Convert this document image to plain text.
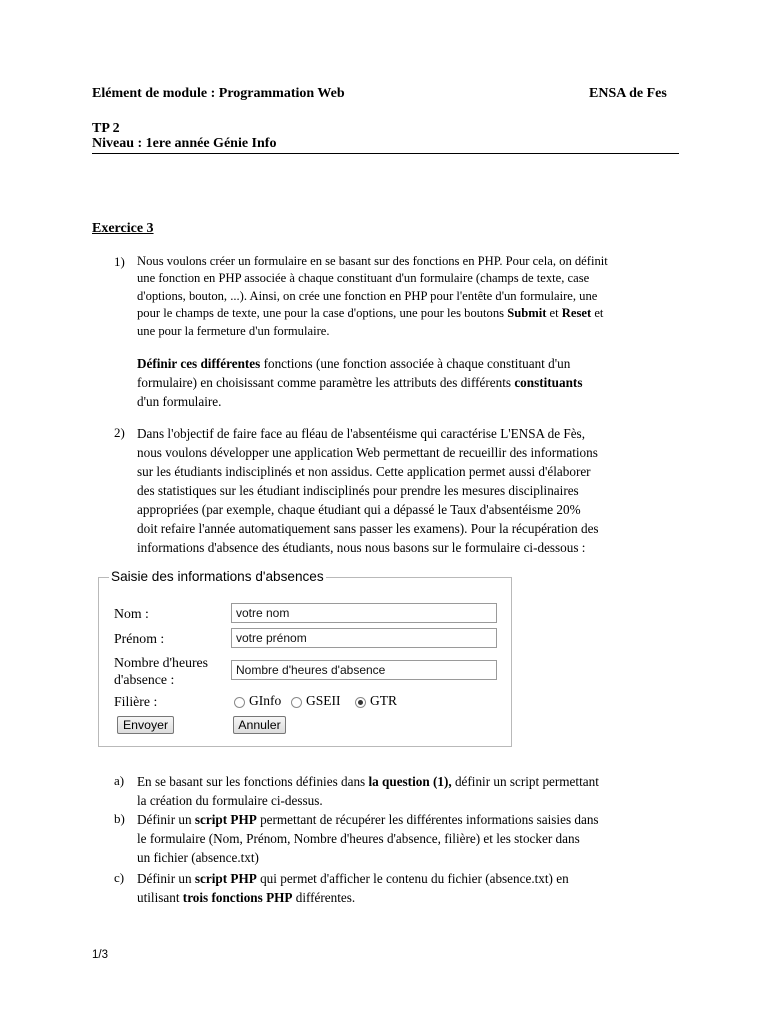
Elément de module : Programmation Web	ENSA de Fes
TP 2
Niveau : 1ere année Génie Info
Exercice 3
1) Nous voulons créer un formulaire en se basant sur des fonctions en PHP. Pour cela, on définit
une fonction en PHP associée à chaque constituant d'un formulaire (champs de texte, case
d'options, bouton, ...). Ainsi, on crée une fonction en PHP pour l'entête d'un formulaire, une
pour le champs de texte, une pour la case d'options, une pour les boutons Submit et Reset et
une pour la fermeture d'un formulaire.
Définir ces différentes fonctions (une fonction associée à chaque constituant d'un
formulaire) en choisissant comme paramètre les attributs des différents constituants
d'un formulaire.
2) Dans l'objectif de faire face au fléau de l'absentéisme qui caractérise L'ENSA de Fès,
nous voulons développer une application Web permettant de recueillir des informations
sur les étudiants indisciplinés et non assidus. Cette application permet aussi d'élaborer
des statistiques sur les étudiant indisciplinés pour prendre les mesures disciplinaires
appropriées (par exemple, chaque étudiant qui a dépassé le Taux d'absentéisme 20%
doit refaire l'année automatiquement sans passer les examens). Pour la récupération des
informations d'absence des étudiants, nous nous basons sur le formulaire ci-dessous :
Saisie des informations d'absences
Nom :
votre nom
Prénom :
votre prénom
Nombre d'heures
d'absence :
Nombre d'heures d'absence
Filière :	GInfo GSEII GTR
Envoyer	Annuler
a) En se basant sur les fonctions définies dans la question (1), définir un script permettant
la création du formulaire ci-dessus.
b) Définir un script PHP permettant de récupérer les différentes informations saisies dans
le formulaire (Nom, Prénom, Nombre d'heures d'absence, filière) et les stocker dans
un fichier (absence.txt)
c) Définir un script PHP qui permet d'afficher le contenu du fichier (absence.txt) en
utilisant trois fonctions PHP différentes.
1/3
